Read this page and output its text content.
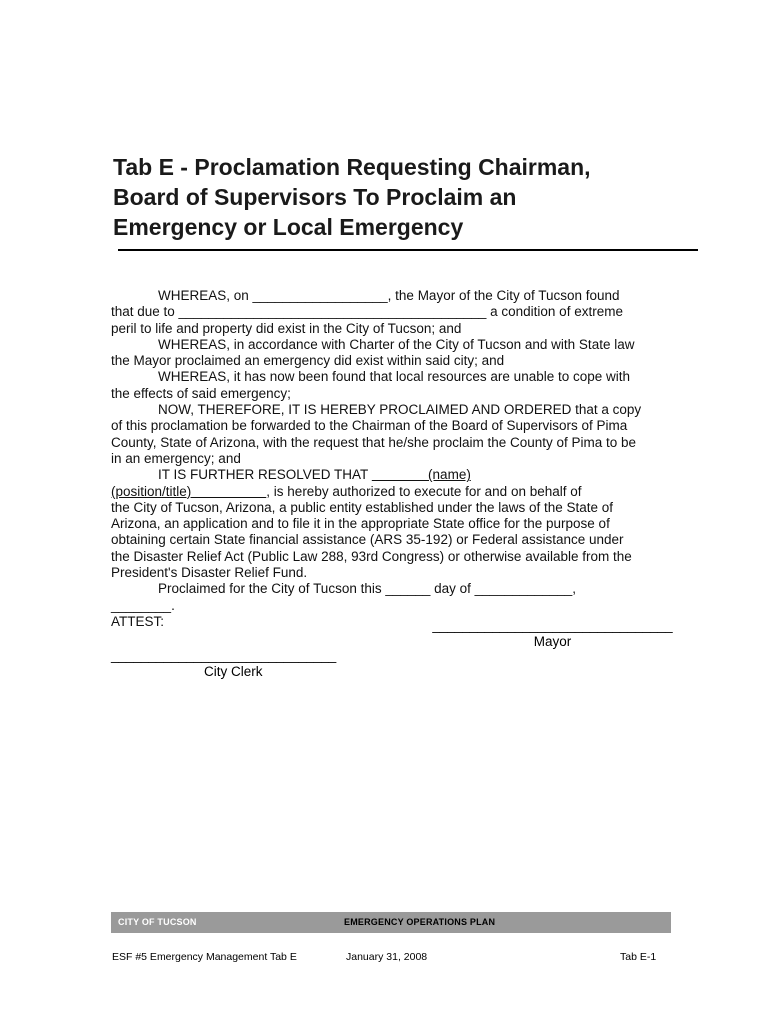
Tab E - Proclamation Requesting Chairman,
Board of Supervisors To Proclaim an
Emergency or Local Emergency
WHEREAS, on __________________, the Mayor of the City of Tucson found
that due to _________________________________________ a condition of extreme
peril to life and property did exist in the City of Tucson; and
WHEREAS, in accordance with Charter of the City of Tucson and with State law
the Mayor proclaimed an emergency did exist within said city; and
WHEREAS, it has now been found that local resources are unable to cope with
the effects of said emergency;
NOW, THEREFORE, IT IS HEREBY PROCLAIMED AND ORDERED that a copy
of this proclamation be forwarded to the Chairman of the Board of Supervisors of Pima
County, State of Arizona, with the request that he/she proclaim the County of Pima to be
in an emergency; and
IT IS FURTHER RESOLVED THAT                (name)
(position/title)                    , is hereby authorized to execute for and on behalf of
the City of Tucson, Arizona, a public entity established under the laws of the State of
Arizona, an application and to file it in the appropriate State office for the purpose of
obtaining certain State financial assistance (ARS 35-192) or Federal assistance under
the Disaster Relief Act (Public Law 288, 93rd Congress) or otherwise available from the
President's Disaster Relief Fund.
Proclaimed for the City of Tucson this ______ day of _____________,
________.
ATTEST:	________________________________
Mayor
______________________________
City Clerk
CITY OF TUCSON	EMERGENCY OPERATIONS PLAN
ESF #5 Emergency Management Tab E	January 31, 2008	Tab E-1
